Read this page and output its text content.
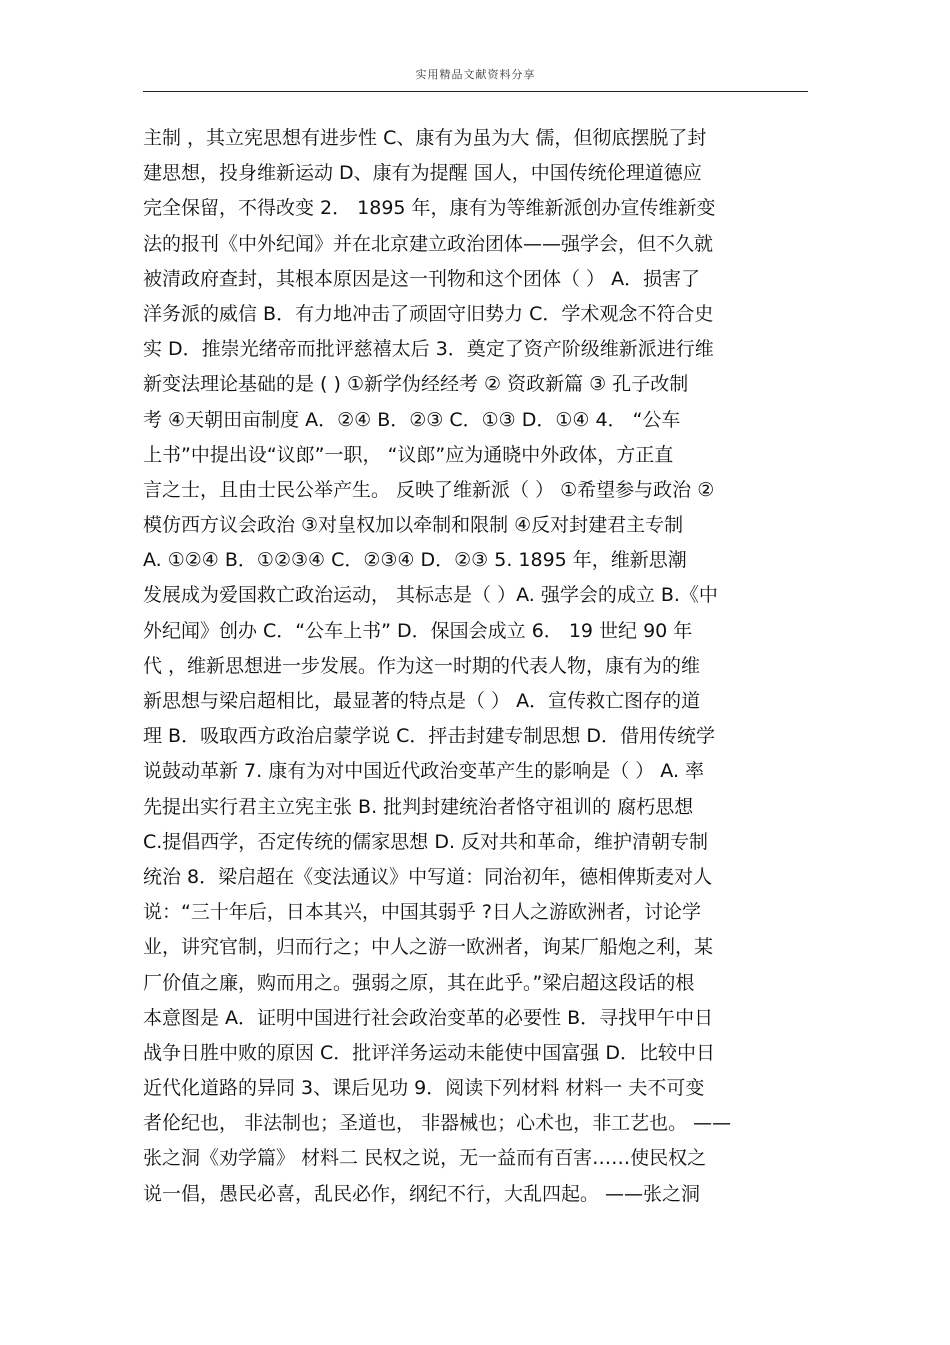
实用精品文献资料分享
主制 ，其立宪思想有进步性 C、康有为虽为大 儒，但彻底摆脱了封
建思想，投身维新运动 D、康有为提醒 国人，中国传统伦理道德应
完全保留，不得改变 2． 1895 年，康有为等维新派创办宣传维新变
法的报刊《中外纪闻》并在北京建立政治团体——强学会，但不久就
被清政府查封，其根本原因是这一刊物和这个团体（ ） A．损害了
洋务派的威信 B．有力地冲击了顽固守旧势力 C．学术观念不符合史
实 D．推崇光绪帝而批评慈禧太后 3．奠定了资产阶级维新派进行维
新变法理论基础的是 ( ) ①新学伪经经考 ② 资政新篇 ③ 孔子改制
考 ④天朝田亩制度 A．②④ B．②③ C．①③ D．①④ 4． “公车
上书”中提出设“议郎”一职， “议郎”应为通晓中外政体，方正直
言之士，且由士民公举产生。 反映了维新派（ ） ①希望参与政治 ②
模仿西方议会政治 ③对皇权加以牵制和限制 ④反对封建君主专制
A. ①②④ B．①②③④ C．②③④ D．②③ 5. 1895 年，维新思潮
发展成为爱国救亡政治运动， 其标志是（ ）A. 强学会的成立 B.《中
外纪闻》创办 C．“公车上书” D．保国会成立 6． 19 世纪 90 年
代 ，维新思想进一步发展。作为这一时期的代表人物，康有为的维
新思想与梁启超相比，最显著的特点是（ ） A．宣传救亡图存的道
理 B．吸取西方政治启蒙学说 C．抨击封建专制思想 D．借用传统学
说鼓动革新 7. 康有为对中国近代政治变革产生的影响是（ ） A. 率
先提出实行君主立宪主张 B. 批判封建统治者恪守祖训的 腐朽思想
C.提倡西学，否定传统的儒家思想 D. 反对共和革命，维护清朝专制
统治 8．梁启超在《变法通议》中写道：同治初年，德相俾斯麦对人
说：“三十年后，日本其兴，中国其弱乎 ?日人之游欧洲者，讨论学
业，讲究官制，归而行之；中人之游一欧洲者，询某厂船炮之利，某
厂价值之廉，购而用之。强弱之原，其在此乎。”梁启超这段话的根
本意图是 A．证明中国进行社会政治变革的必要性 B．寻找甲午中日
战争日胜中败的原因 C．批评洋务运动未能使中国富强 D．比较中日
近代化道路的异同 3、课后见功 9．阅读下列材料 材料一 夫不可变
者伦纪也， 非法制也；圣道也， 非器械也；心术也，非工艺也。 ——
张之洞《劝学篇》 材料二 民权之说，无一益而有百害……使民权之
说一倡，愚民必喜，乱民必作，纲纪不行，大乱四起。 ——张之洞
